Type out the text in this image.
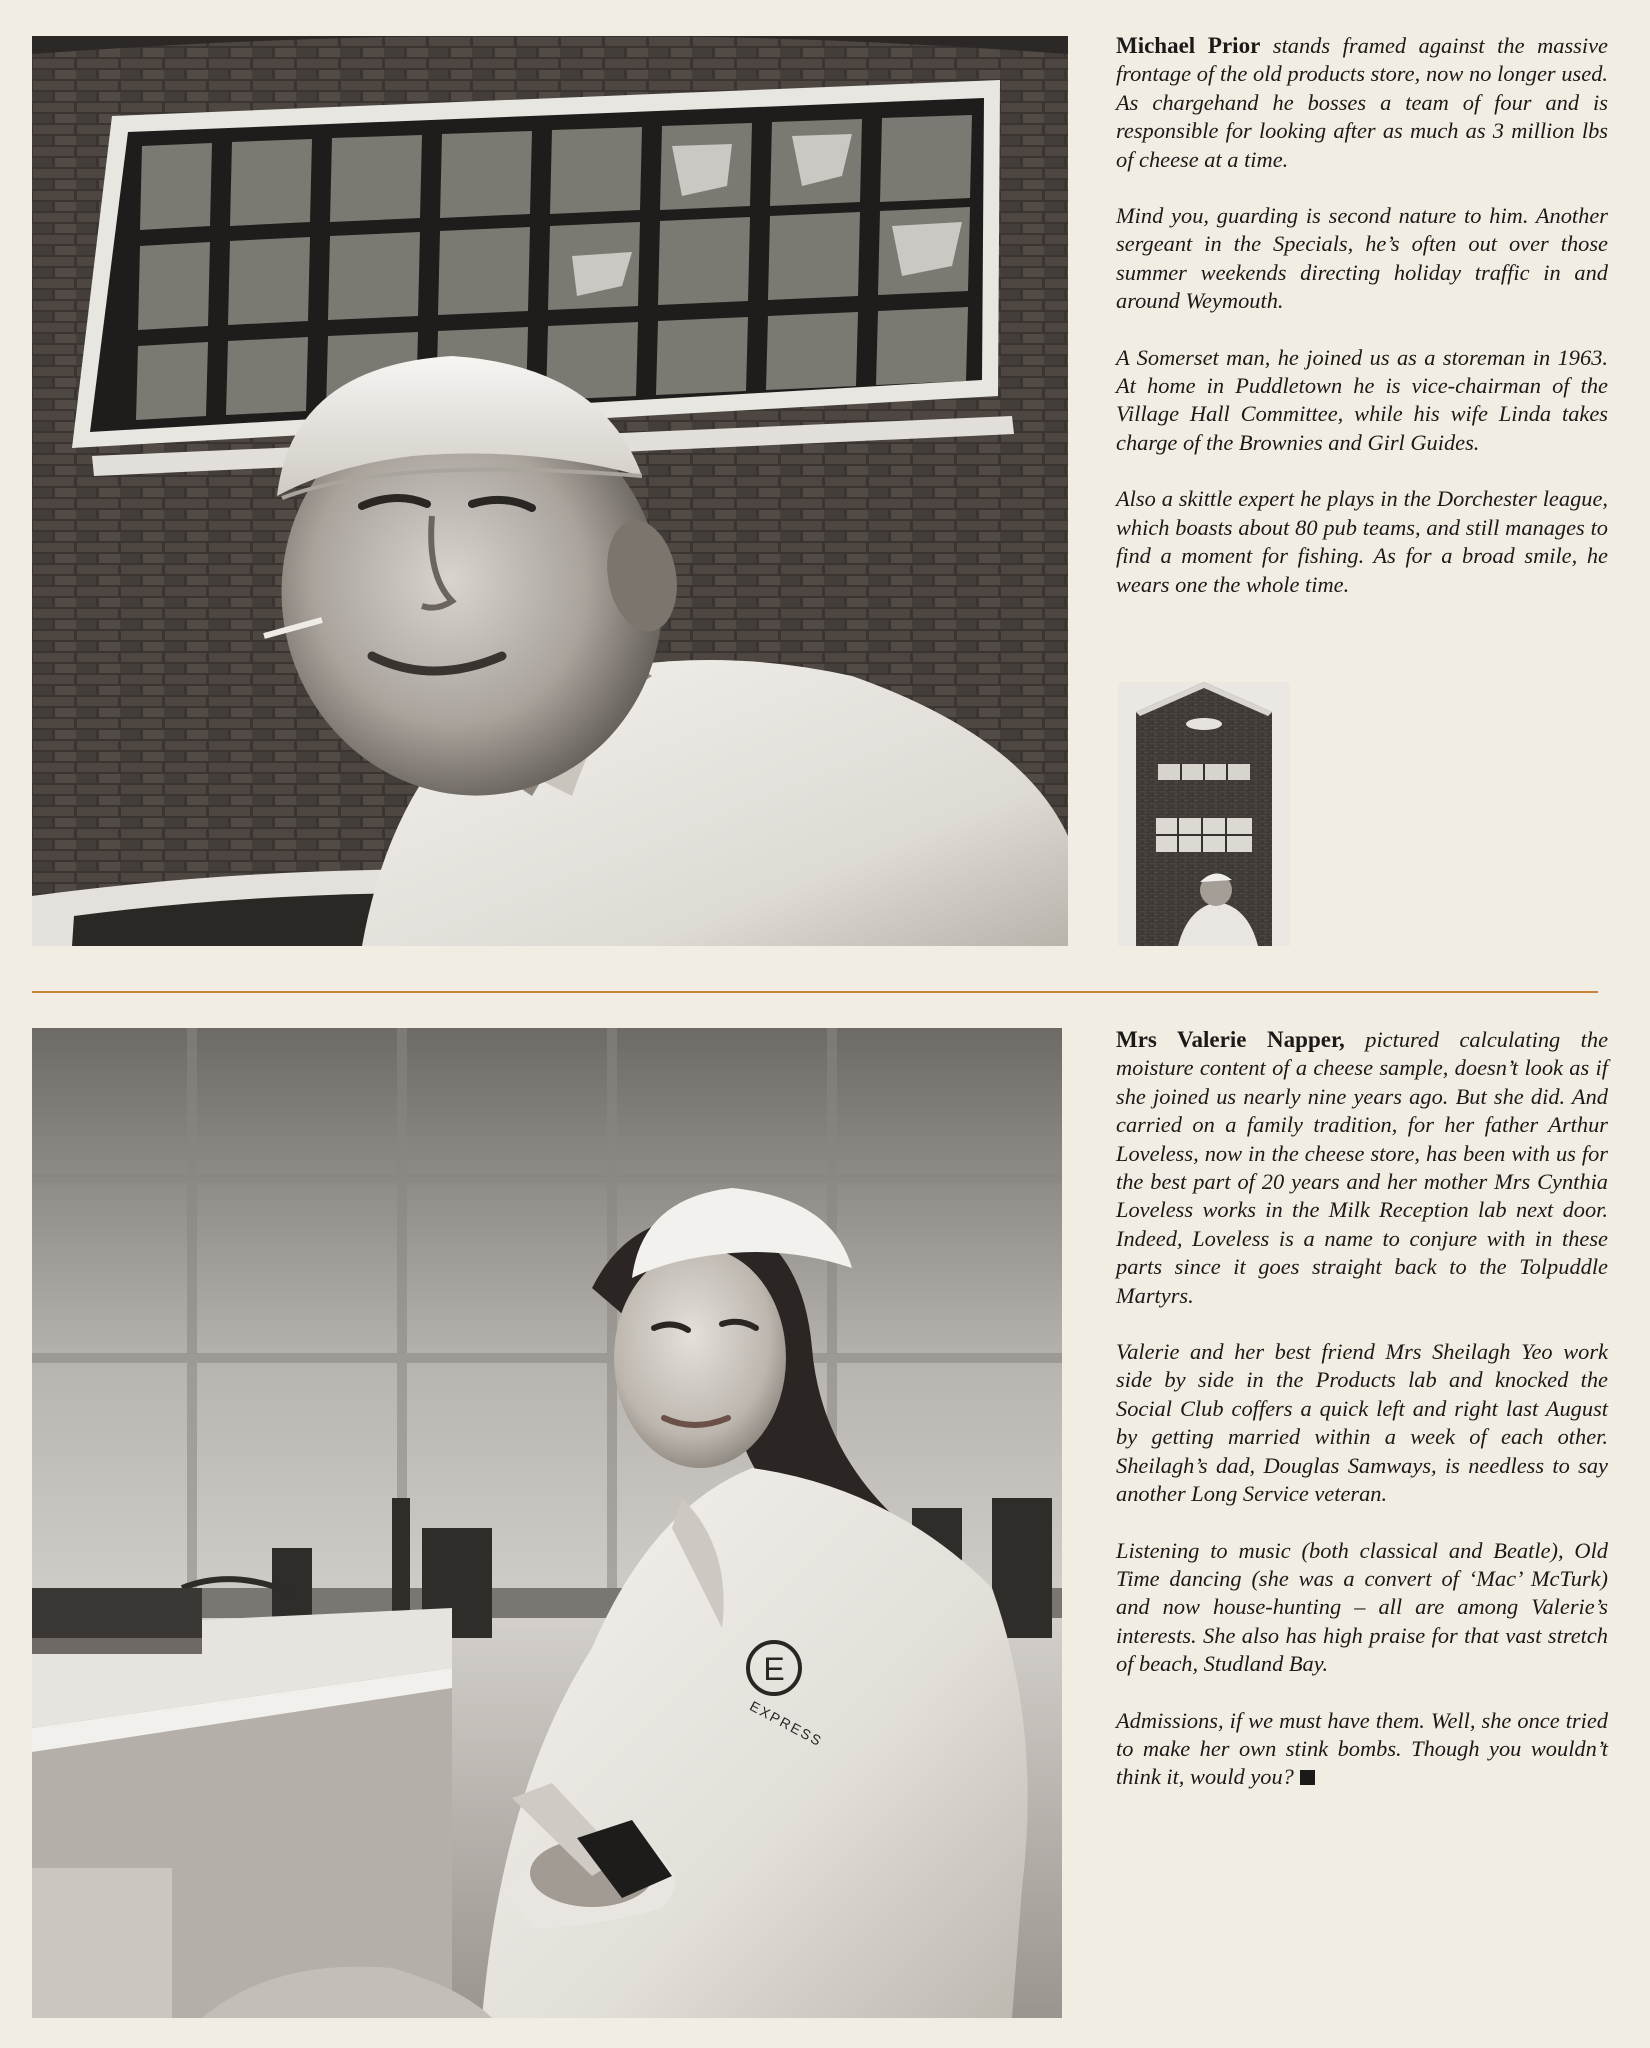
Michael Prior stands framed against the massive frontage of the old products store, now no longer used. As chargehand he bosses a team of four and is responsible for looking after as much as 3 million lbs of cheese at a time.

Mind you, guarding is second nature to him. Another sergeant in the Specials, he’s often out over those summer weekends directing holiday traffic in and around Weymouth.

A Somerset man, he joined us as a storeman in 1963. At home in Puddletown he is vice-chairman of the Village Hall Committee, while his wife Linda takes charge of the Brownies and Girl Guides.

Also a skittle expert he plays in the Dorchester league, which boasts about 80 pub teams, and still manages to find a moment for fishing. As for a broad smile, he wears one the whole time.

E
EXPRESS

Mrs Valerie Napper, pictured calculating the moisture content of a cheese sample, doesn’t look as if she joined us nearly nine years ago. But she did. And carried on a family tradition, for her father Arthur Loveless, now in the cheese store, has been with us for the best part of 20 years and her mother Mrs Cynthia Loveless works in the Milk Reception lab next door. Indeed, Loveless is a name to conjure with in these parts since it goes straight back to the Tolpuddle Martyrs.

Valerie and her best friend Mrs Sheilagh Yeo work side by side in the Products lab and knocked the Social Club coffers a quick left and right last August by getting married within a week of each other. Sheilagh’s dad, Douglas Samways, is needless to say another Long Service veteran.

Listening to music (both classical and Beatle), Old Time dancing (she was a convert of ‘Mac’ McTurk) and now house-hunting – all are among Valerie’s interests. She also has high praise for that vast stretch of beach, Studland Bay.

Admissions, if we must have them. Well, she once tried to make her own stink bombs. Though you wouldn’t think it, would you?
